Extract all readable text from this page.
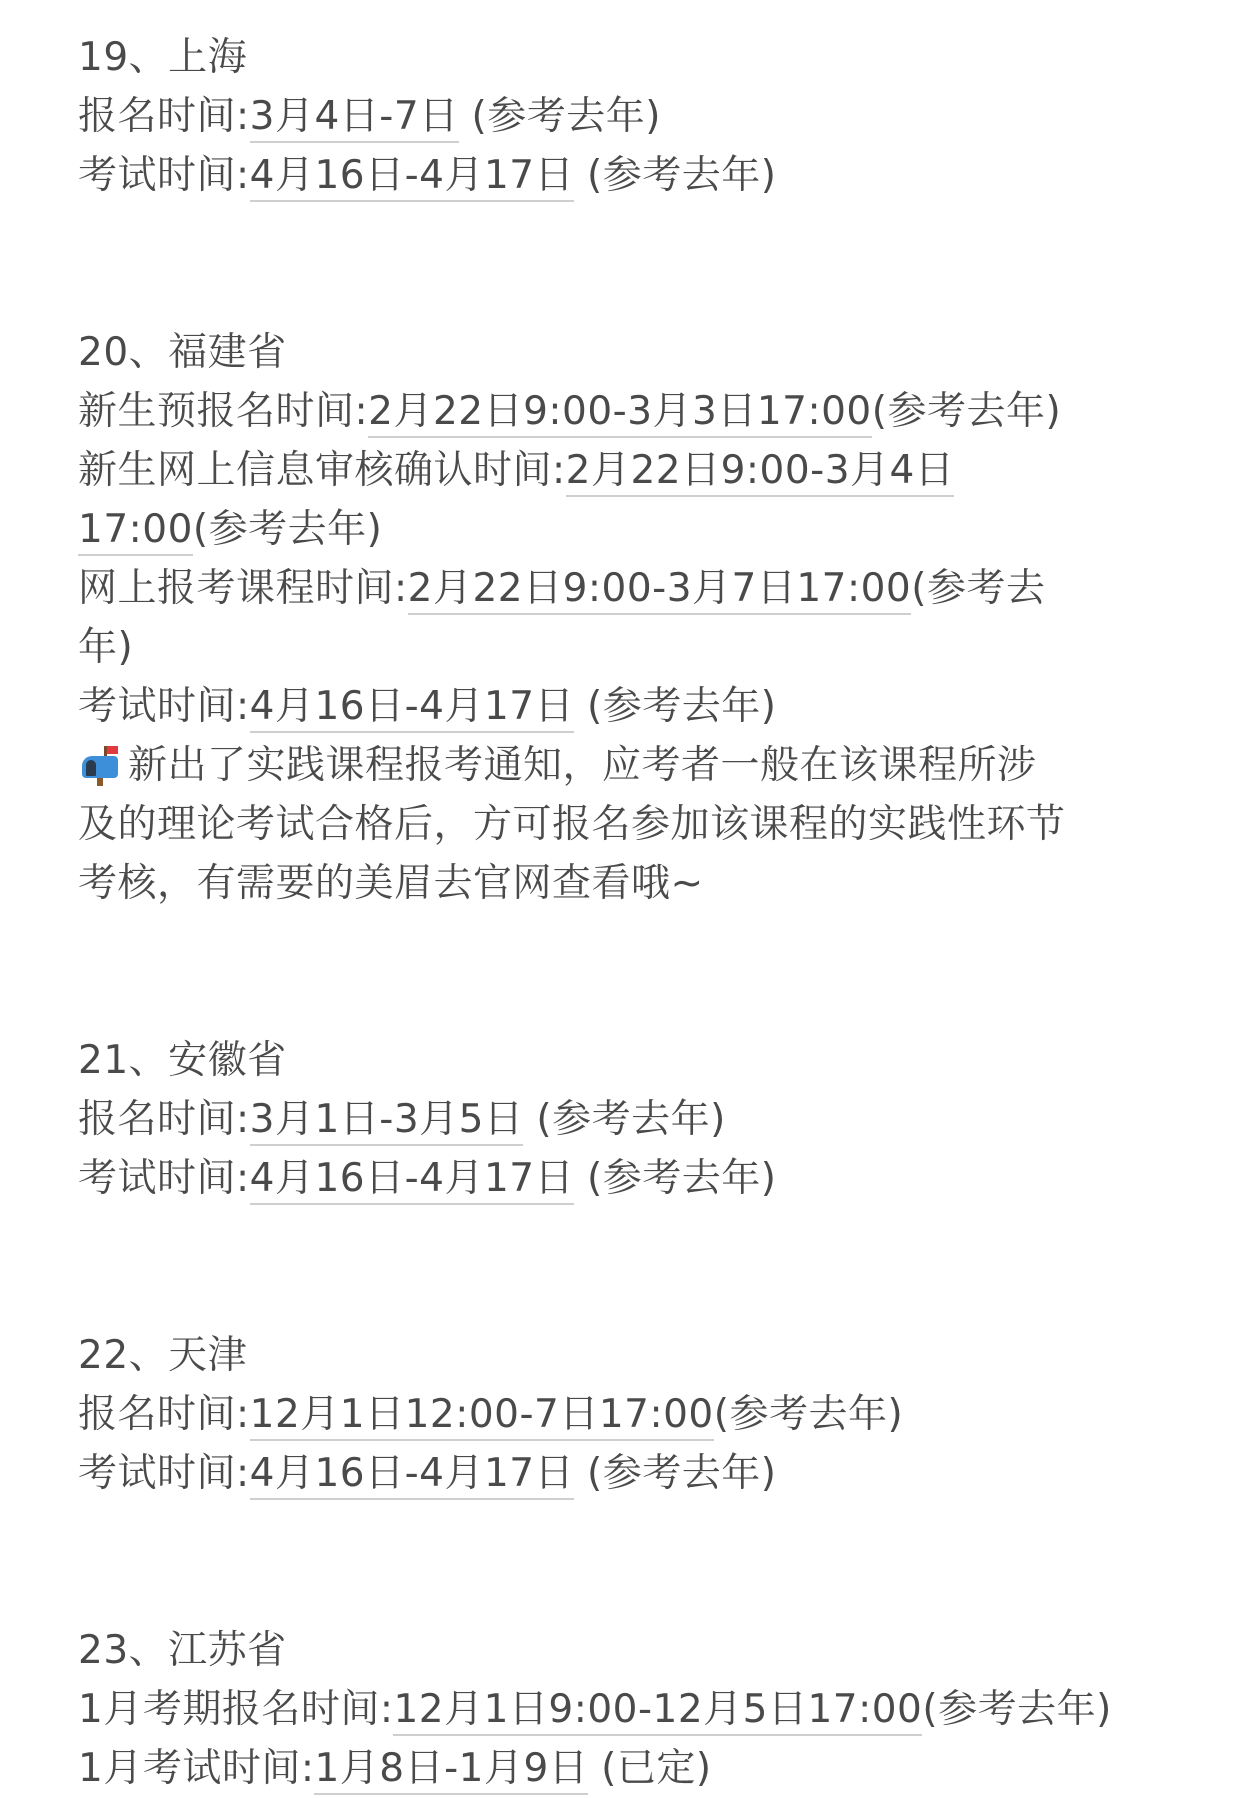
19、上海
报名时间:3月4日-7日 (参考去年)
考试时间:4月16日-4月17日 (参考去年)
20、福建省
新生预报名时间:2月22日9:00-3月3日17:00(参考去年)
新生网上信息审核确认时间:2月22日9:00-3月4日
17:00(参考去年)
网上报考课程时间:2月22日9:00-3月7日17:00(参考去
年)
考试时间:4月16日-4月17日 (参考去年)
新出了实践课程报考通知，应考者一般在该课程所涉
及的理论考试合格后，方可报名参加该课程的实践性环节
考核，有需要的美眉去官网查看哦~
21、安徽省
报名时间:3月1日-3月5日 (参考去年)
考试时间:4月16日-4月17日 (参考去年)
22、天津
报名时间:12月1日12:00-7日17:00(参考去年)
考试时间:4月16日-4月17日 (参考去年)
23、江苏省
1月考期报名时间:12月1日9:00-12月5日17:00(参考去年)
1月考试时间:1月8日-1月9日 (已定)
